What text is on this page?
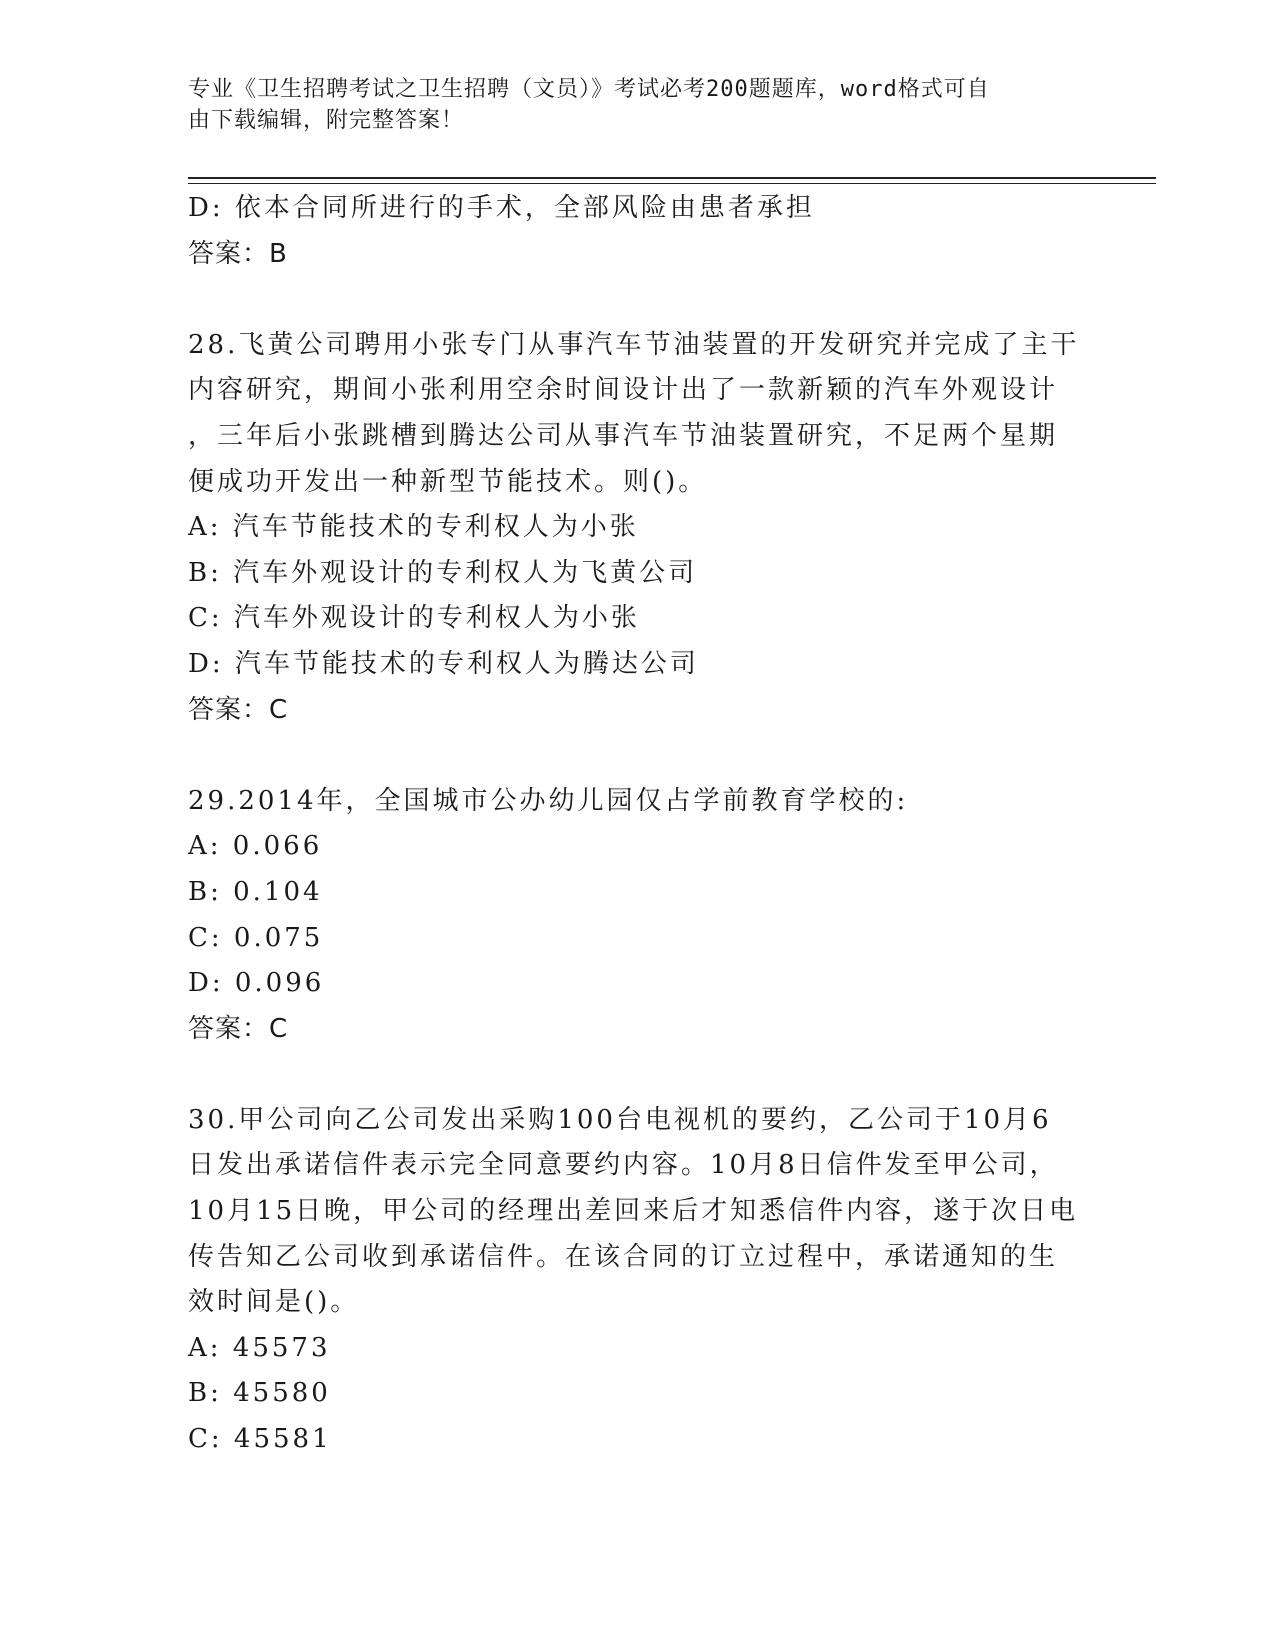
专业《卫生招聘考试之卫生招聘（文员）》考试必考200题题库，word格式可自
由下载编辑，附完整答案！
D: 依本合同所进行的手术，全部风险由患者承担
答案：B
28.飞黄公司聘用小张专门从事汽车节油装置的开发研究并完成了主干
内容研究，期间小张利用空余时间设计出了一款新颖的汽车外观设计
，三年后小张跳槽到腾达公司从事汽车节油装置研究，不足两个星期
便成功开发出一种新型节能技术。则()。
A: 汽车节能技术的专利权人为小张
B: 汽车外观设计的专利权人为飞黄公司
C: 汽车外观设计的专利权人为小张
D: 汽车节能技术的专利权人为腾达公司
答案：C
29.2014年，全国城市公办幼儿园仅占学前教育学校的:
A: 0.066
B: 0.104
C: 0.075
D: 0.096
答案：C
30.甲公司向乙公司发出采购100台电视机的要约，乙公司于10月6
日发出承诺信件表示完全同意要约内容。10月8日信件发至甲公司，
10月15日晚，甲公司的经理出差回来后才知悉信件内容，遂于次日电
传告知乙公司收到承诺信件。在该合同的订立过程中，承诺通知的生
效时间是()。
A: 45573
B: 45580
C: 45581
